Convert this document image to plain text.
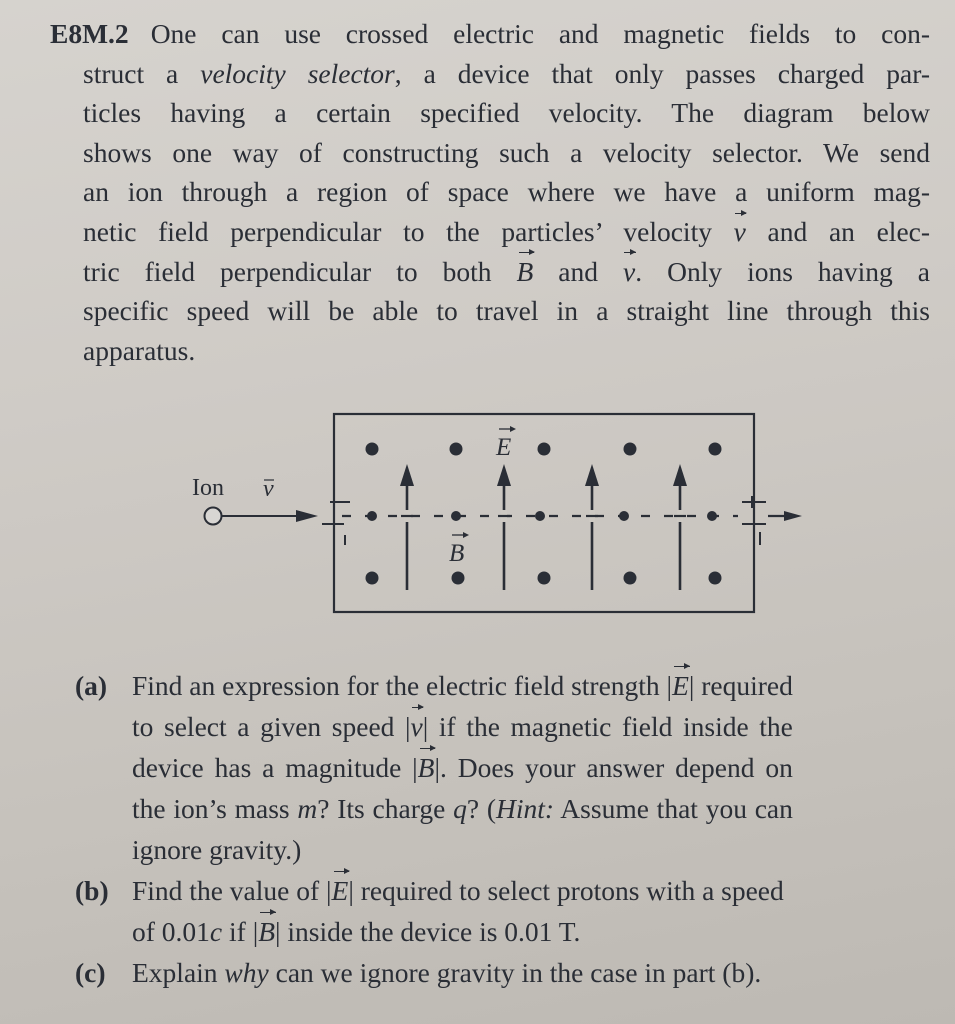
E8M.2 One can use crossed electric and magnetic fields to con-

struct a velocity selector, a device that only passes charged par-

ticles having a certain specified velocity. The diagram below

shows one way of constructing such a velocity selector. We send

an ion through a region of space where we have a uniform mag-

netic field perpendicular to the particles’ velocity v and an elec-

tric field perpendicular to both B and v. Only ions having a

specific speed will be able to travel in a straight line through this

apparatus.

Ion v
E
B
(a) Find an expression for the electric field strength |E| required

to select a given speed |v| if the magnetic field inside the

device has a magnitude |B|. Does your answer depend on

the ion’s mass m? Its charge q? (Hint: Assume that you can

ignore gravity.)

(b) Find the value of |E| required to select protons with a speed

of 0.01c if |B| inside the device is 0.01 T.

(c) Explain why can we ignore gravity in the case in part (b).
